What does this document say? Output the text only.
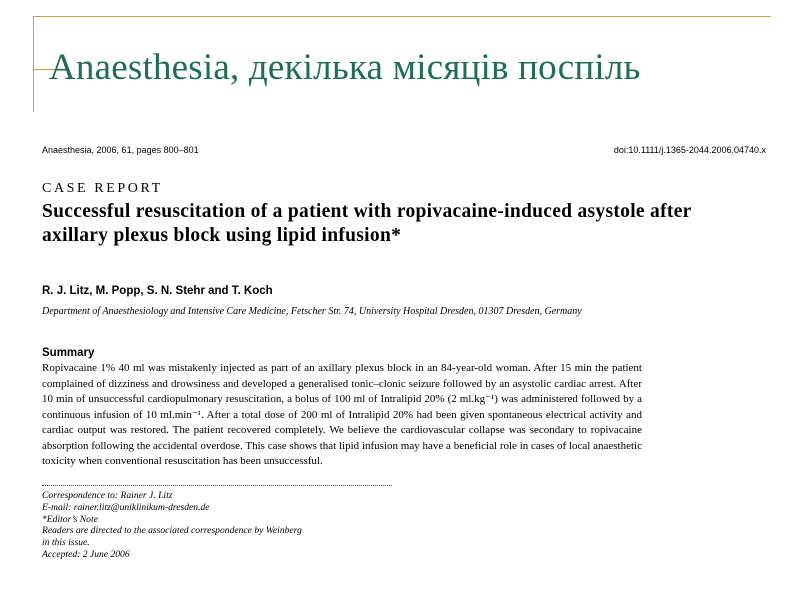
Anaesthesia, декілька місяців поспіль
Anaesthesia, 2006, 61, pages 800–801	doi:10.1111/j.1365-2044.2006.04740.x
CASE REPORT
Successful resuscitation of a patient with ropivacaine-induced asystole after axillary plexus block using lipid infusion*
R. J. Litz, M. Popp, S. N. Stehr and T. Koch
Department of Anaesthesiology and Intensive Care Medicine, Fetscher Str. 74, University Hospital Dresden, 01307 Dresden, Germany
Summary

Ropivacaine 1% 40 ml was mistakenly injected as part of an axillary plexus block in an 84-year-old woman. After 15 min the patient complained of dizziness and drowsiness and developed a generalised tonic–clonic seizure followed by an asystolic cardiac arrest. After 10 min of unsuccessful cardiopulmonary resuscitation, a bolus of 100 ml of Intralipid 20% (2 ml.kg⁻¹) was administered followed by a continuous infusion of 10 ml.min⁻¹. After a total dose of 200 ml of Intralipid 20% had been given spontaneous electrical activity and cardiac output was restored. The patient recovered completely. We believe the cardiovascular collapse was secondary to ropivacaine absorption following the accidental overdose. This case shows that lipid infusion may have a beneficial role in cases of local anaesthetic toxicity when conventional resuscitation has been unsuccessful.

Correspondence to: Rainer J. Litz
E-mail: rainer.litz@uniklinikum-dresden.de
*Editor’s Note
Readers are directed to the associated correspondence by Weinberg
in this issue.
Accepted: 2 June 2006
